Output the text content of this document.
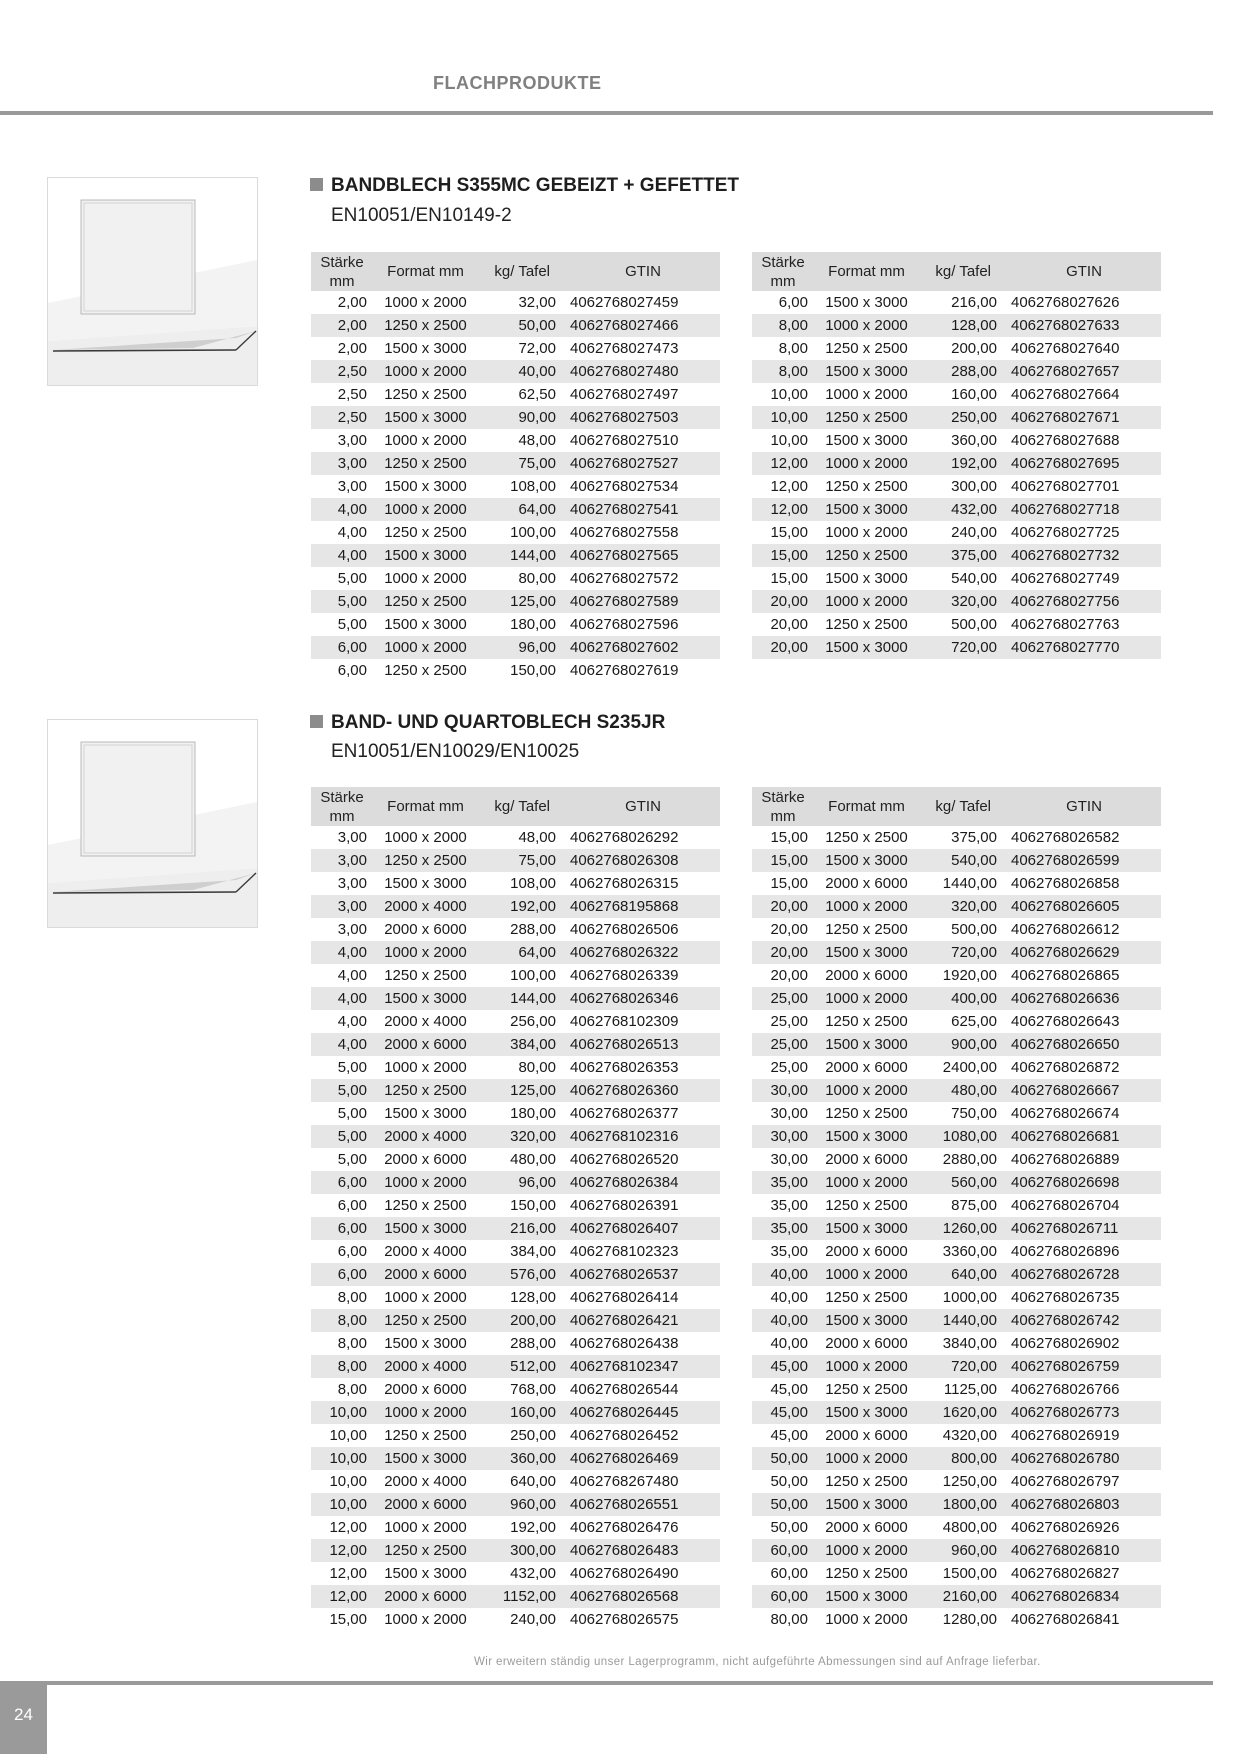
FLACHPRODUKTE
BANDBLECH S355MC GEBEIZT + GEFETTET
EN10051/EN10149-2
Stärke mm	Format mm	kg/ Tafel	GTIN
2,00	1000 x 2000	32,00	4062768027459
2,00	1250 x 2500	50,00	4062768027466
2,00	1500 x 3000	72,00	4062768027473
2,50	1000 x 2000	40,00	4062768027480
2,50	1250 x 2500	62,50	4062768027497
2,50	1500 x 3000	90,00	4062768027503
3,00	1000 x 2000	48,00	4062768027510
3,00	1250 x 2500	75,00	4062768027527
3,00	1500 x 3000	108,00	4062768027534
4,00	1000 x 2000	64,00	4062768027541
4,00	1250 x 2500	100,00	4062768027558
4,00	1500 x 3000	144,00	4062768027565
5,00	1000 x 2000	80,00	4062768027572
5,00	1250 x 2500	125,00	4062768027589
5,00	1500 x 3000	180,00	4062768027596
6,00	1000 x 2000	96,00	4062768027602
6,00	1250 x 2500	150,00	4062768027619
Stärke mm	Format mm	kg/ Tafel	GTIN
6,00	1500 x 3000	216,00	4062768027626
8,00	1000 x 2000	128,00	4062768027633
8,00	1250 x 2500	200,00	4062768027640
8,00	1500 x 3000	288,00	4062768027657
10,00	1000 x 2000	160,00	4062768027664
10,00	1250 x 2500	250,00	4062768027671
10,00	1500 x 3000	360,00	4062768027688
12,00	1000 x 2000	192,00	4062768027695
12,00	1250 x 2500	300,00	4062768027701
12,00	1500 x 3000	432,00	4062768027718
15,00	1000 x 2000	240,00	4062768027725
15,00	1250 x 2500	375,00	4062768027732
15,00	1500 x 3000	540,00	4062768027749
20,00	1000 x 2000	320,00	4062768027756
20,00	1250 x 2500	500,00	4062768027763
20,00	1500 x 3000	720,00	4062768027770
BAND- UND QUARTOBLECH S235JR
EN10051/EN10029/EN10025
Stärke mm	Format mm	kg/ Tafel	GTIN
3,00	1000 x 2000	48,00	4062768026292
3,00	1250 x 2500	75,00	4062768026308
3,00	1500 x 3000	108,00	4062768026315
3,00	2000 x 4000	192,00	4062768195868
3,00	2000 x 6000	288,00	4062768026506
4,00	1000 x 2000	64,00	4062768026322
4,00	1250 x 2500	100,00	4062768026339
4,00	1500 x 3000	144,00	4062768026346
4,00	2000 x 4000	256,00	4062768102309
4,00	2000 x 6000	384,00	4062768026513
5,00	1000 x 2000	80,00	4062768026353
5,00	1250 x 2500	125,00	4062768026360
5,00	1500 x 3000	180,00	4062768026377
5,00	2000 x 4000	320,00	4062768102316
5,00	2000 x 6000	480,00	4062768026520
6,00	1000 x 2000	96,00	4062768026384
6,00	1250 x 2500	150,00	4062768026391
6,00	1500 x 3000	216,00	4062768026407
6,00	2000 x 4000	384,00	4062768102323
6,00	2000 x 6000	576,00	4062768026537
8,00	1000 x 2000	128,00	4062768026414
8,00	1250 x 2500	200,00	4062768026421
8,00	1500 x 3000	288,00	4062768026438
8,00	2000 x 4000	512,00	4062768102347
8,00	2000 x 6000	768,00	4062768026544
10,00	1000 x 2000	160,00	4062768026445
10,00	1250 x 2500	250,00	4062768026452
10,00	1500 x 3000	360,00	4062768026469
10,00	2000 x 4000	640,00	4062768267480
10,00	2000 x 6000	960,00	4062768026551
12,00	1000 x 2000	192,00	4062768026476
12,00	1250 x 2500	300,00	4062768026483
12,00	1500 x 3000	432,00	4062768026490
12,00	2000 x 6000	1152,00	4062768026568
15,00	1000 x 2000	240,00	4062768026575
Stärke mm	Format mm	kg/ Tafel	GTIN
15,00	1250 x 2500	375,00	4062768026582
15,00	1500 x 3000	540,00	4062768026599
15,00	2000 x 6000	1440,00	4062768026858
20,00	1000 x 2000	320,00	4062768026605
20,00	1250 x 2500	500,00	4062768026612
20,00	1500 x 3000	720,00	4062768026629
20,00	2000 x 6000	1920,00	4062768026865
25,00	1000 x 2000	400,00	4062768026636
25,00	1250 x 2500	625,00	4062768026643
25,00	1500 x 3000	900,00	4062768026650
25,00	2000 x 6000	2400,00	4062768026872
30,00	1000 x 2000	480,00	4062768026667
30,00	1250 x 2500	750,00	4062768026674
30,00	1500 x 3000	1080,00	4062768026681
30,00	2000 x 6000	2880,00	4062768026889
35,00	1000 x 2000	560,00	4062768026698
35,00	1250 x 2500	875,00	4062768026704
35,00	1500 x 3000	1260,00	4062768026711
35,00	2000 x 6000	3360,00	4062768026896
40,00	1000 x 2000	640,00	4062768026728
40,00	1250 x 2500	1000,00	4062768026735
40,00	1500 x 3000	1440,00	4062768026742
40,00	2000 x 6000	3840,00	4062768026902
45,00	1000 x 2000	720,00	4062768026759
45,00	1250 x 2500	1125,00	4062768026766
45,00	1500 x 3000	1620,00	4062768026773
45,00	2000 x 6000	4320,00	4062768026919
50,00	1000 x 2000	800,00	4062768026780
50,00	1250 x 2500	1250,00	4062768026797
50,00	1500 x 3000	1800,00	4062768026803
50,00	2000 x 6000	4800,00	4062768026926
60,00	1000 x 2000	960,00	4062768026810
60,00	1250 x 2500	1500,00	4062768026827
60,00	1500 x 3000	2160,00	4062768026834
80,00	1000 x 2000	1280,00	4062768026841
Wir erweitern ständig unser Lagerprogramm, nicht aufgeführte Abmessungen sind auf Anfrage lieferbar.
24
